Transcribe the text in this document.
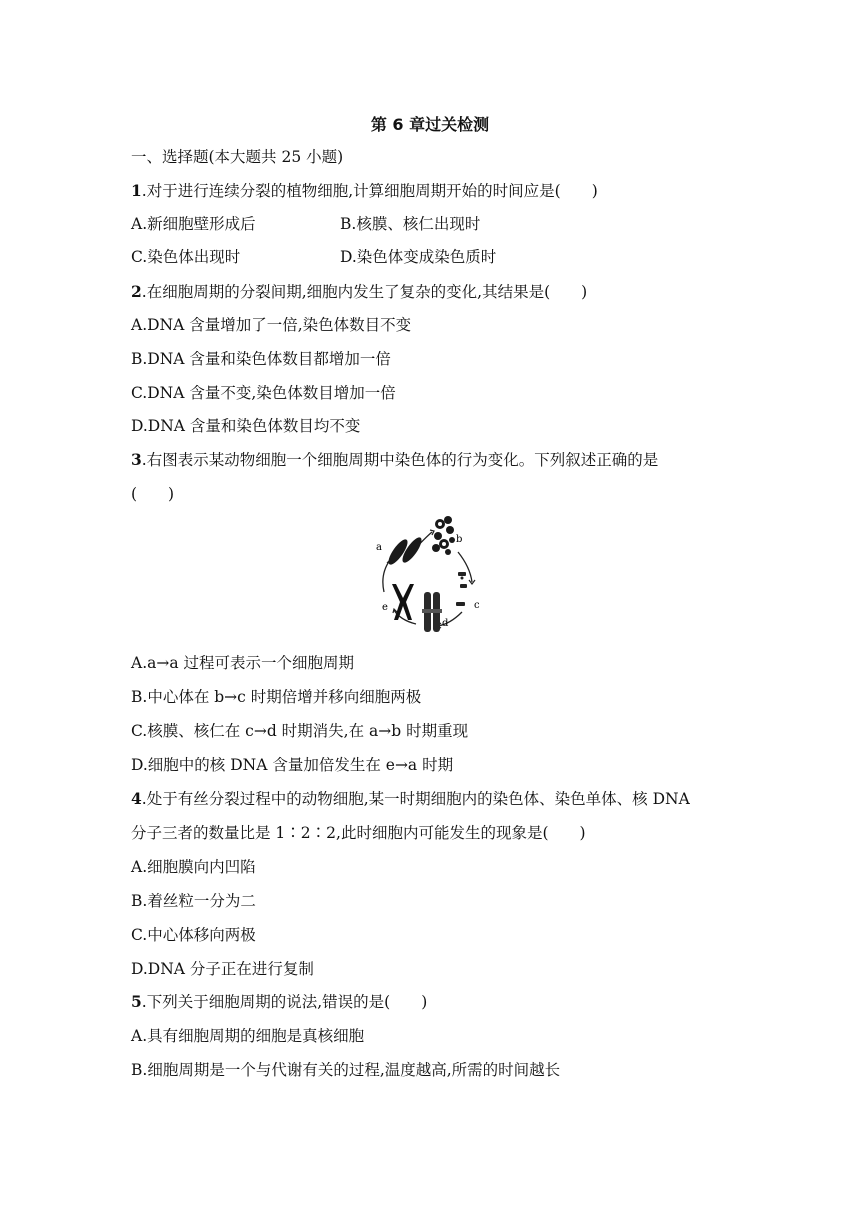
第 6 章过关检测
一、选择题(本大题共 25 小题)
1.对于进行连续分裂的植物细胞,计算细胞周期开始的时间应是(　　)
A.新细胞壁形成后	B.核膜、核仁出现时
C.染色体出现时	D.染色体变成染色质时
2.在细胞周期的分裂间期,细胞内发生了复杂的变化,其结果是(　　)
A.DNA 含量增加了一倍,染色体数目不变
B.DNA 含量和染色体数目都增加一倍
C.DNA 含量不变,染色体数目增加一倍
D.DNA 含量和染色体数目均不变
3.右图表示某动物细胞一个细胞周期中染色体的行为变化。下列叙述正确的是
(　　)
a
b
c
d
e
A.a→a 过程可表示一个细胞周期
B.中心体在 b→c 时期倍增并移向细胞两极
C.核膜、核仁在 c→d 时期消失,在 a→b 时期重现
D.细胞中的核 DNA 含量加倍发生在 e→a 时期
4.处于有丝分裂过程中的动物细胞,某一时期细胞内的染色体、染色单体、核 DNA
分子三者的数量比是 1∶2∶2,此时细胞内可能发生的现象是(　　)
A.细胞膜向内凹陷
B.着丝粒一分为二
C.中心体移向两极
D.DNA 分子正在进行复制
5.下列关于细胞周期的说法,错误的是(　　)
A.具有细胞周期的细胞是真核细胞
B.细胞周期是一个与代谢有关的过程,温度越高,所需的时间越长
